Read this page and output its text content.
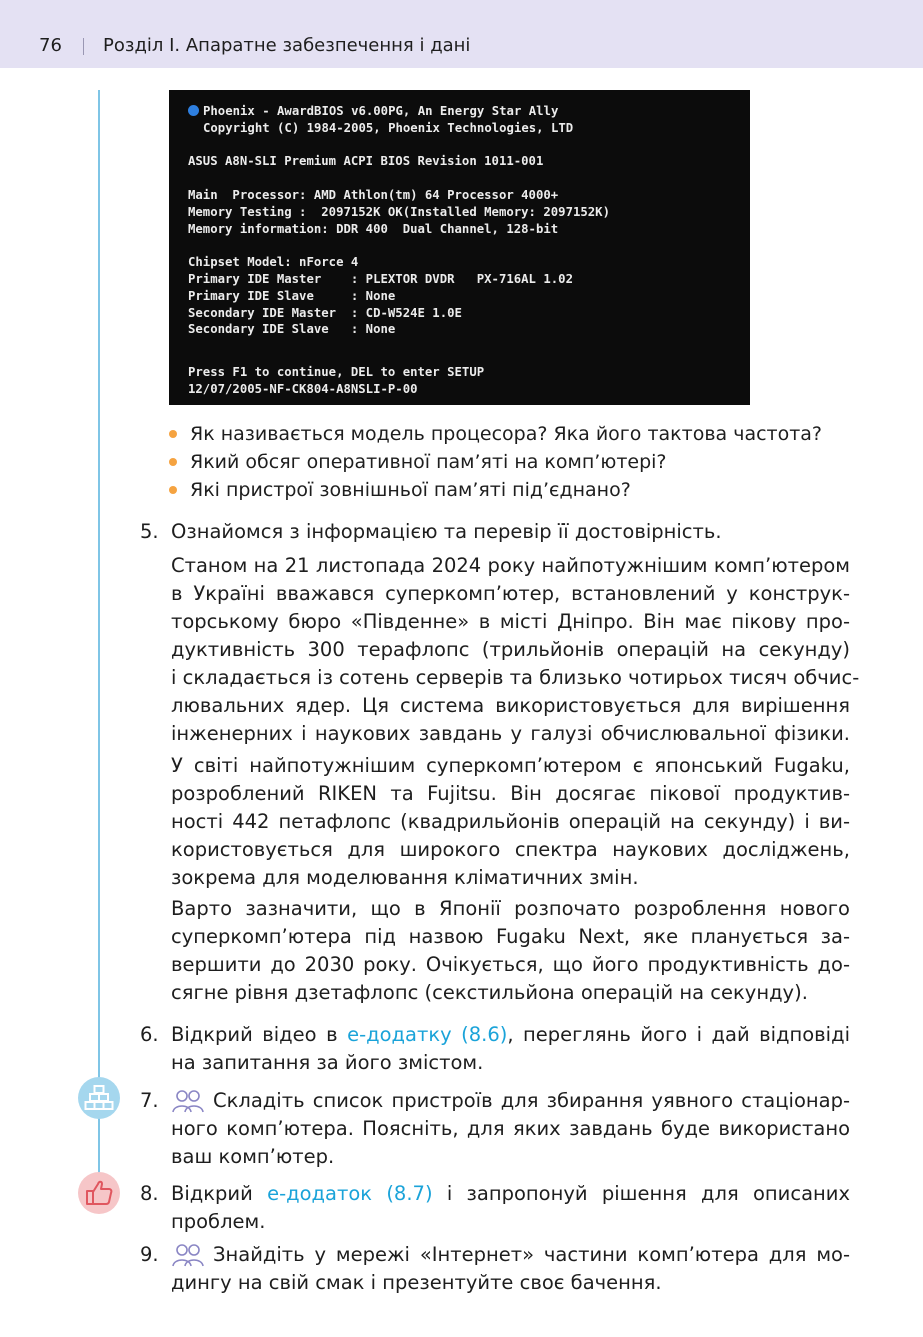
76 Розділ І. Апаратне забезпечення і дані
Phoenix - AwardBIOS v6.00PG, An Energy Star Ally
Copyright (C) 1984-2005, Phoenix Technologies, LTD
ASUS A8N-SLI Premium ACPI BIOS Revision 1011-001
Main  Processor: AMD Athlon(tm) 64 Processor 4000+
Memory Testing :  2097152K OK(Installed Memory: 2097152K)
Memory information: DDR 400  Dual Channel, 128-bit
Chipset Model: nForce 4
Primary IDE Master    : PLEXTOR DVDR   PX-716AL 1.02
Primary IDE Slave     : None
Secondary IDE Master  : CD-W524E 1.0E
Secondary IDE Slave   : None
Press F1 to continue, DEL to enter SETUP
12/07/2005-NF-CK804-A8NSLI-P-00
Як називається модель процесора? Яка його тактова частота?
Який обсяг оперативної пам’яті на комп’ютері?
Які пристрої зовнішньої пам’яті під’єднано?
5. Ознайомся з інформацією та перевір її достовірність.
Станом на 21 листопада 2024 року найпотужнішим комп’ютером
в Україні вважався суперкомп’ютер, встановлений у конструк-
торському бюро «Південне» в місті Дніпро. Він має пікову про-
дуктивність 300 терафлопс (трильйонів операцій на секунду)
і складається із сотень серверів та близько чотирьох тисяч обчис-
лювальних ядер. Ця система використовується для вирішення
інженерних і наукових завдань у галузі обчислювальної фізики.
У світі найпотужнішим суперкомп’ютером є японський Fugaku,
розроблений RIKEN та Fujitsu. Він досягає пікової продуктив-
ності 442 петафлопс (квадрильйонів операцій на секунду) і ви-
користовується для широкого спектра наукових досліджень,
зокрема для моделювання кліматичних змін.
Варто зазначити, що в Японії розпочато розроблення нового
суперкомп’ютера під назвою Fugaku Next, яке планується за-
вершити до 2030 року. Очікується, що його продуктивність до-
сягне рівня дзетафлопс (секстильйона операцій на секунду).
6. Відкрий відео в е-додатку (8.6), переглянь його і дай відповіді
на запитання за його змістом.
7.	Складіть список пристроїв для збирання уявного стаціонар-
ного комп’ютера. Поясніть, для яких завдань буде використано
ваш комп’ютер.
8. Відкрий е-додаток (8.7) і запропонуй рішення для описаних
проблем.
9.	Знайдіть у мережі «Інтернет» частини комп’ютера для мо-
дингу на свій смак і презентуйте своє бачення.
